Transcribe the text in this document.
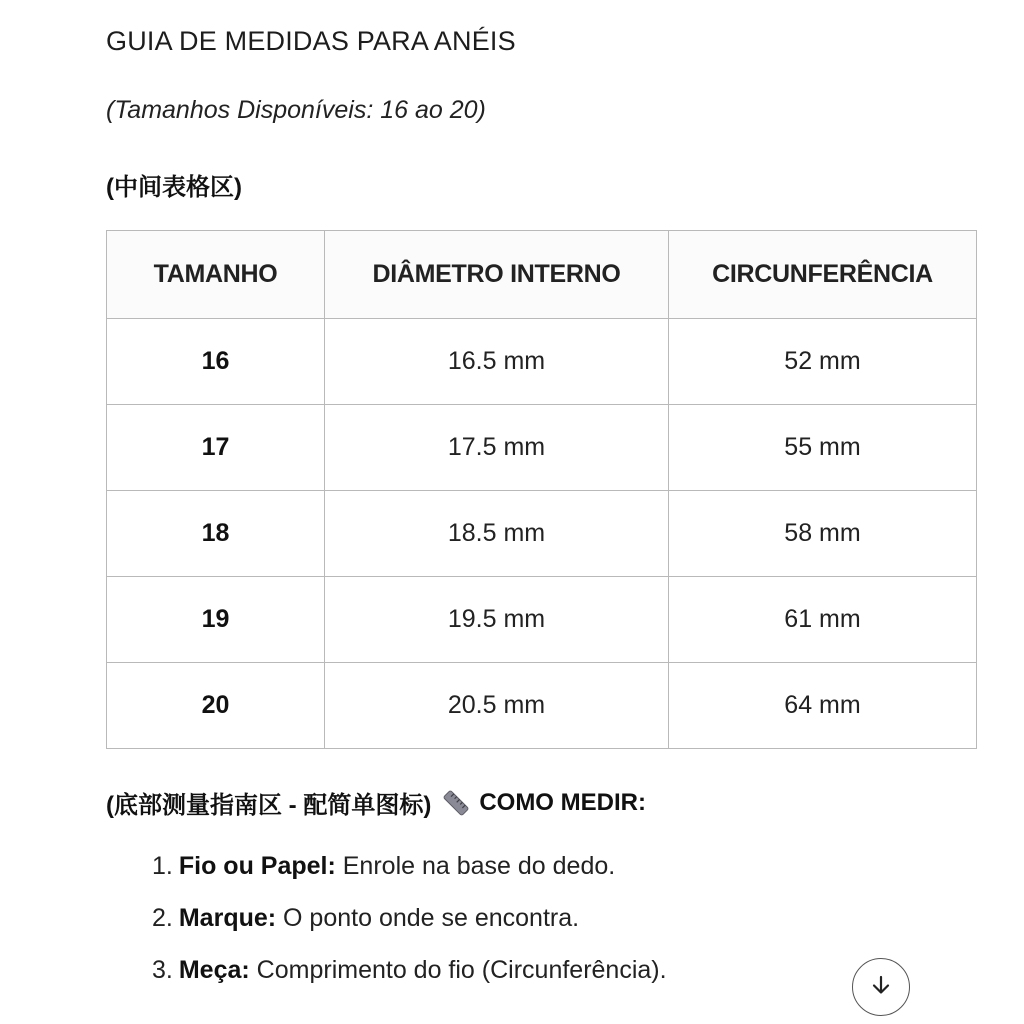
GUIA DE MEDIDAS PARA ANÉIS
(Tamanhos Disponíveis: 16 ao 20)
(中间表格区)
TAMANHO	DIÂMETRO INTERNO	CIRCUNFERÊNCIA
16	16.5 mm	52 mm
17	17.5 mm	55 mm
18	18.5 mm	58 mm
19	19.5 mm	61 mm
20	20.5 mm	64 mm
(底部测量指南区 - 配简单图标) COMO MEDIR:
1. Fio ou Papel: Enrole na base do dedo.
2. Marque: O ponto onde se encontra.
3. Meça: Comprimento do fio (Circunferência).
